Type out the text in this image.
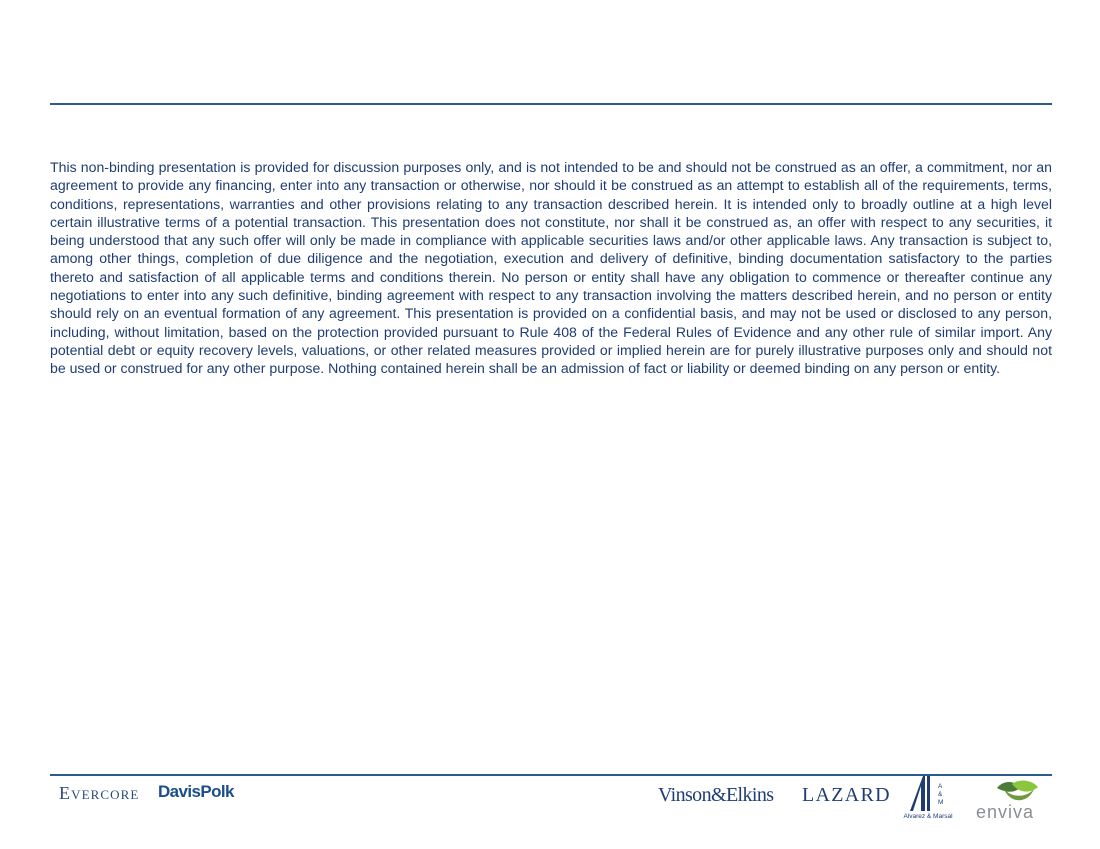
This non-binding presentation is provided for discussion purposes only, and is not intended to be and should not be construed as an offer, a commitment, nor an agreement to provide any financing, enter into any transaction or otherwise, nor should it be construed as an attempt to establish all of the requirements, terms, conditions, representations, warranties and other provisions relating to any transaction described herein. It is intended only to broadly outline at a high level certain illustrative terms of a potential transaction. This presentation does not constitute, nor shall it be construed as, an offer with respect to any securities, it being understood that any such offer will only be made in compliance with applicable securities laws and/or other applicable laws. Any transaction is subject to, among other things, completion of due diligence and the negotiation, execution and delivery of definitive, binding documentation satisfactory to the parties thereto and satisfaction of all applicable terms and conditions therein. No person or entity shall have any obligation to commence or thereafter continue any negotiations to enter into any such definitive, binding agreement with respect to any transaction involving the matters described herein, and no person or entity should rely on an eventual formation of any agreement. This presentation is provided on a confidential basis, and may not be used or disclosed to any person, including, without limitation, based on the protection provided pursuant to Rule 408 of the Federal Rules of Evidence and any other rule of similar import. Any potential debt or equity recovery levels, valuations, or other related measures provided or implied herein are for purely illustrative purposes only and should not be used or construed for any other purpose. Nothing contained herein shall be an admission of fact or liability or deemed binding on any person or entity.

Evercore DavisPolk	Vinson&Elkins LAZARD	A
&
M
Alvarez & Marsal	enviva
